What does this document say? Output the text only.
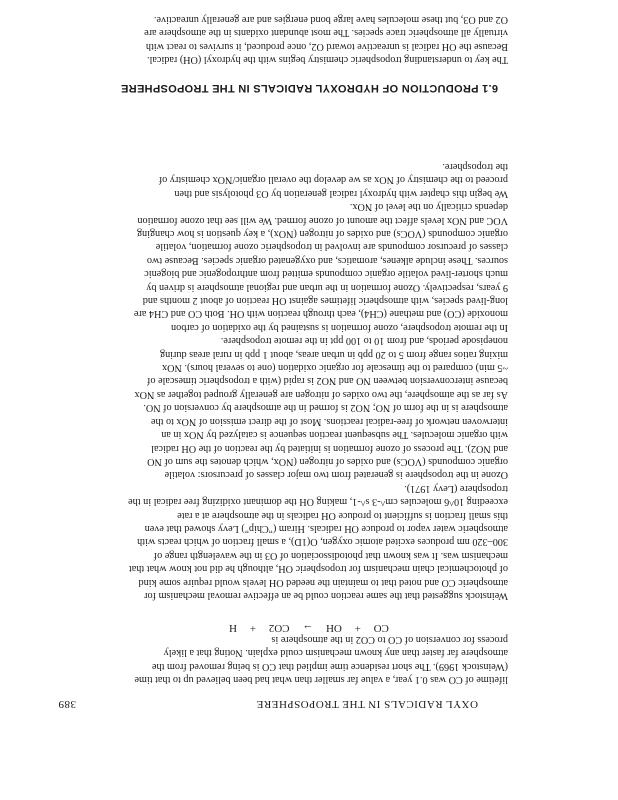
OXYL RADICALS IN THE TROPOSPHERE
389

lifetime of CO was 0.1 year, a value far smaller than what had been believed up to that time

(Weinstock 1969). The short residence time implied that CO is being removed from the

atmosphere far faster than any known mechanism could explain. Noting that a likely

process for conversion of CO to CO2 in the atmosphere is

CO + OH → CO2 + H

Weinstock suggested that the same reaction could be an effective removal mechanism for

atmospheric CO and noted that to maintain the needed OH levels would require some kind

of photochemical chain mechanism for tropospheric OH, although he did not know what that

mechanism was. It was known that photodissociation of O3 in the wavelength range of

300–320 nm produces excited atomic oxygen, O(1D), a small fraction of which reacts with

atmospheric water vapor to produce OH radicals. Hiram ("Chip") Levy showed that even

this small fraction is sufficient to produce OH radicals in the atmosphere at a rate

exceeding 10^6 molecules cm^-3 s^-1, making OH the dominant oxidizing free radical in the

troposphere (Levy 1971).

Ozone in the troposphere is generated from two major classes of precursors: volatile

organic compounds (VOCs) and oxides of nitrogen (NOx, which denotes the sum of NO

and NO2). The process of ozone formation is initiated by the reaction of the OH radical

with organic molecules. The subsequent reaction sequence is catalyzed by NOx in an

interwoven network of free-radical reactions. Most of the direct emission of NOx to the

atmosphere is in the form of NO; NO2 is formed in the atmosphere by conversion of NO.

As far as the atmosphere, the two oxides of nitrogen are generally grouped together as NOx

because interconversion between NO and NO2 is rapid (with a tropospheric timescale of

~5 min) compared to the timescale for organic oxidation (one to several hours). NOx

mixing ratios range from 5 to 20 ppb in urban areas, about 1 ppb in rural areas during

nonepisode periods, and from 10 to 100 ppt in the remote troposphere.

In the remote troposphere, ozone formation is sustained by the oxidation of carbon

monoxide (CO) and methane (CH4), each through reaction with OH. Both CO and CH4 are

long-lived species, with atmospheric lifetimes against OH reaction of about 2 months and

9 years, respectively. Ozone formation in the urban and regional atmosphere is driven by

much shorter-lived volatile organic compounds emitted from anthropogenic and biogenic

sources. These include alkenes, aromatics, and oxygenated organic species. Because two

classes of precursor compounds are involved in tropospheric ozone formation, volatile

organic compounds (VOCs) and oxides of nitrogen (NOx), a key question is how changing

VOC and NOx levels affect the amount of ozone formed. We will see that ozone formation

depends critically on the level of NOx.

We begin this chapter with hydroxyl radical generation by O3 photolysis and then

proceed to the chemistry of NOx as we develop the overall organic/NOx chemistry of

the troposphere.

6.1 PRODUCTION OF HYDROXYL RADICALS IN THE TROPOSPHERE

The key to understanding tropospheric chemistry begins with the hydroxyl (OH) radical.

Because the OH radical is unreactive toward O2, once produced, it survives to react with

virtually all atmospheric trace species. The most abundant oxidants in the atmosphere are

O2 and O3, but these molecules have large bond energies and are generally unreactive.
